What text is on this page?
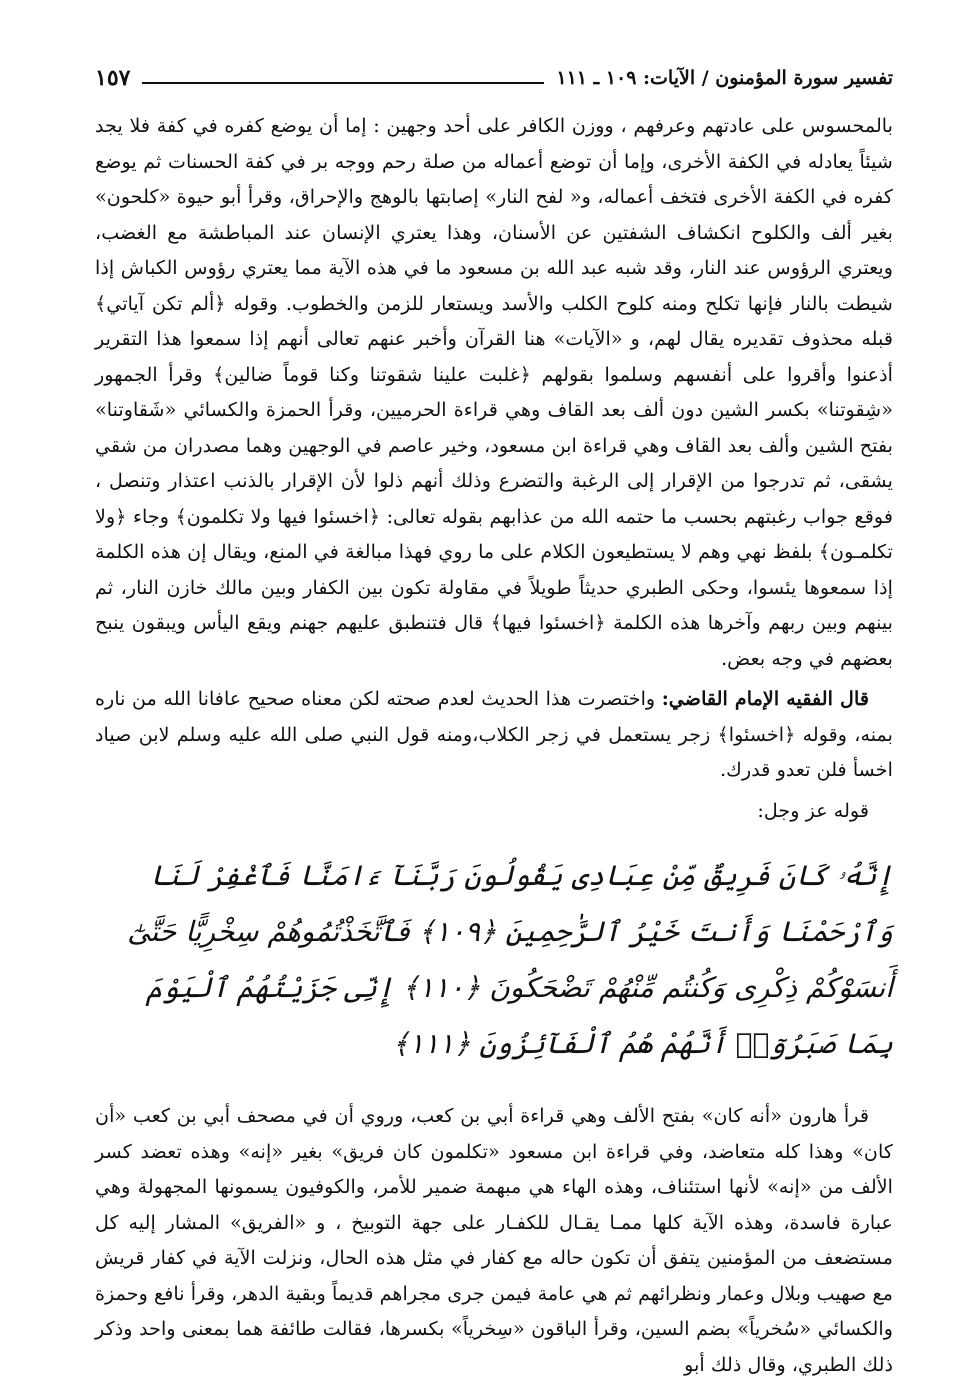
تفسير سورة المؤمنون / الآيات: ١٠٩ ـ ١١١
١٥٧

بالمحسوس على عادتهم وعرفهم ، ووزن الكافر على أحد وجهين : إما أن يوضع كفره في كفة فلا يجد شيئاً يعادله في الكفة الأخرى، وإما أن توضع أعماله من صلة رحم ووجه بر في كفة الحسنات ثم يوضع كفره في الكفة الأخرى فتخف أعماله، و« لفح النار» إصابتها بالوهج والإحراق، وقرأ أبو حيوة «كلحون» بغير ألف والكلوح انكشاف الشفتين عن الأسنان، وهذا يعتري الإنسان عند المباطشة مع الغضب، ويعتري الرؤوس عند النار، وقد شبه عبد الله بن مسعود ما في هذه الآية مما يعتري رؤوس الكباش إذا شيطت بالنار فإنها تكلح ومنه كلوح الكلب والأسد ويستعار للزمن والخطوب. وقوله ﴿ألم تكن آياتي﴾ قبله محذوف تقديره يقال لهم، و «الآيات» هنا القرآن وأخبر عنهم تعالى أنهم إذا سمعوا هذا التقرير أذعنوا وأقروا على أنفسهم وسلموا بقولهم ﴿غلبت علينا شقوتنا وكنا قوماً ضالين﴾ وقرأ الجمهور «شِقوتنا» بكسر الشين دون ألف بعد القاف وهي قراءة الحرميين، وقرأ الحمزة والكسائي «شَقاوتنا» بفتح الشين وألف بعد القاف وهي قراءة ابن مسعود، وخير عاصم في الوجهين وهما مصدران من شقي يشقى، ثم تدرجوا من الإقرار إلى الرغبة والتضرع وذلك أنهم ذلوا لأن الإقرار بالذنب اعتذار وتنصل ، فوقع جواب رغبتهم بحسب ما حتمه الله من عذابهم بقوله تعالى: ﴿اخسئوا فيها ولا تكلمون﴾ وجاء ﴿ولا تكلمـون﴾ بلفظ نهي وهم لا يستطيعون الكلام على ما روي فهذا مبالغة في المنع، ويقال إن هذه الكلمة إذا سمعوها يئسوا، وحكى الطبري حديثاً طويلاً في مقاولة تكون بين الكفار وبين مالك خازن النار، ثم بينهم وبين ربهم وآخرها هذه الكلمة ﴿اخسئوا فيها﴾ قال فتنطبق عليهم جهنم ويقع اليأس ويبقون ينبح بعضهم في وجه بعض.

قال الفقيه الإمام القاضي: واختصرت هذا الحديث لعدم صحته لكن معناه صحيح عافانا الله من ناره بمنه، وقوله ﴿اخسئوا﴾ زجر يستعمل في زجر الكلاب،ومنه قول النبي صلى الله عليه وسلم لابن صياد اخسأ فلن تعدو قدرك.

قوله عز وجل:

إِنَّهُۥ كَانَ فَرِيقٌ مِّنْ عِبَادِى يَقُولُونَ رَبَّنَآ ءَامَنَّا فَٱغْفِرْ لَنَا وَٱرْحَمْنَا وَأَنتَ خَيْرُ ٱلرَّٰحِمِينَ ﴿١٠٩﴾ فَٱتَّخَذْتُمُوهُمْ سِخْرِيًّا حَتَّىٰٓ أَنسَوْكُمْ ذِكْرِى وَكُنتُم مِّنْهُمْ تَضْحَكُونَ ﴿١١٠﴾ إِنِّى جَزَيْتُهُمُ ٱلْيَوْمَ بِمَا صَبَرُوٓا۟ أَنَّهُمْ هُمُ ٱلْفَآئِزُونَ ﴿١١١﴾

قرأ هارون «أنه كان» بفتح الألف وهي قراءة أبي بن كعب، وروي أن في مصحف أبي بن كعب «أن كان» وهذا كله متعاضد، وفي قراءة ابن مسعود «تكلمون كان فريق» بغير «إنه» وهذه تعضد كسر الألف من «إنه» لأنها استئناف، وهذه الهاء هي مبهمة ضمير للأمر، والكوفيون يسمونها المجهولة وهي عبارة فاسدة، وهذه الآية كلها ممـا يقـال للكفـار على جهة التوبيخ ، و «الفريق» المشار إليه كل مستضعف من المؤمنين يتفق أن تكون حاله مع كفار في مثل هذه الحال، ونزلت الآية في كفار قريش مع صهيب وبلال وعمار ونظرائهم ثم هي عامة فيمن جرى مجراهم قديماً وبقية الدهر، وقرأ نافع وحمزة والكسائي «سُخرياً» بضم السين، وقرأ الباقون «سِخرياً» بكسرها، فقالت طائفة هما بمعنى واحد وذكر ذلك الطبري، وقال ذلك أبو
